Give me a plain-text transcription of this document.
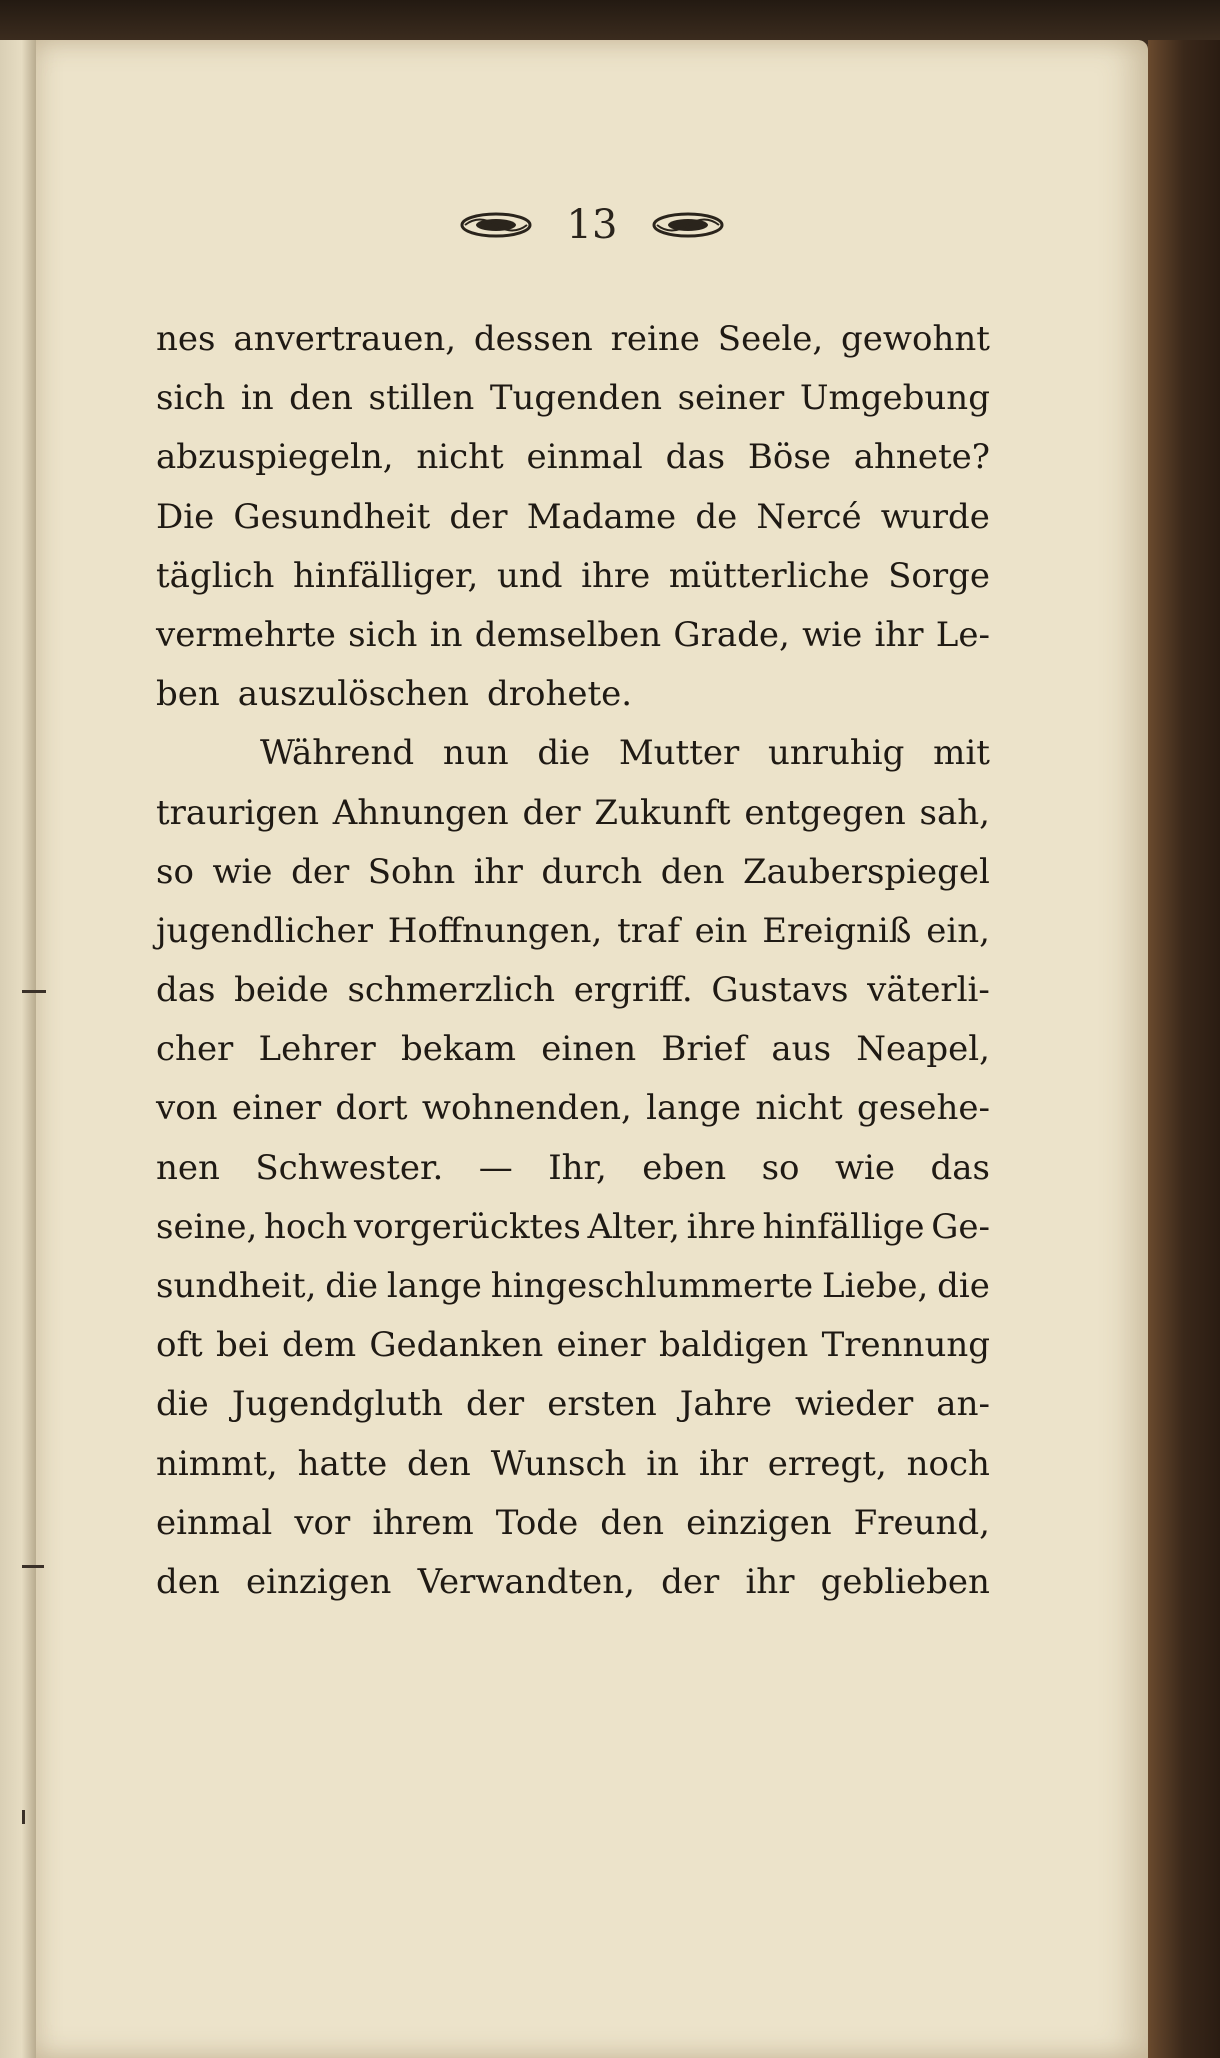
13
nes anvertrauen, dessen reine Seele, gewohnt
sich in den stillen Tugenden seiner Umgebung
abzuspiegeln, nicht einmal das Böse ahnete?
Die Gesundheit der Madame de Nercé wurde
täglich hinfälliger, und ihre mütterliche Sorge
vermehrte sich in demselben Grade, wie ihr Le-
ben auszulöschen drohete.
Während nun die Mutter unruhig mit
traurigen Ahnungen der Zukunft entgegen sah,
so wie der Sohn ihr durch den Zauberspiegel
jugendlicher Hoffnungen, traf ein Ereigniß ein,
das beide schmerzlich ergriff. Gustavs väterli-
cher Lehrer bekam einen Brief aus Neapel,
von einer dort wohnenden, lange nicht gesehe-
nen Schwester. — Ihr, eben so wie das
seine, hoch vorgerücktes Alter, ihre hinfällige Ge-
sundheit, die lange hingeschlummerte Liebe, die
oft bei dem Gedanken einer baldigen Trennung
die Jugendgluth der ersten Jahre wieder an-
nimmt, hatte den Wunsch in ihr erregt, noch
einmal vor ihrem Tode den einzigen Freund,
den einzigen Verwandten, der ihr geblieben
